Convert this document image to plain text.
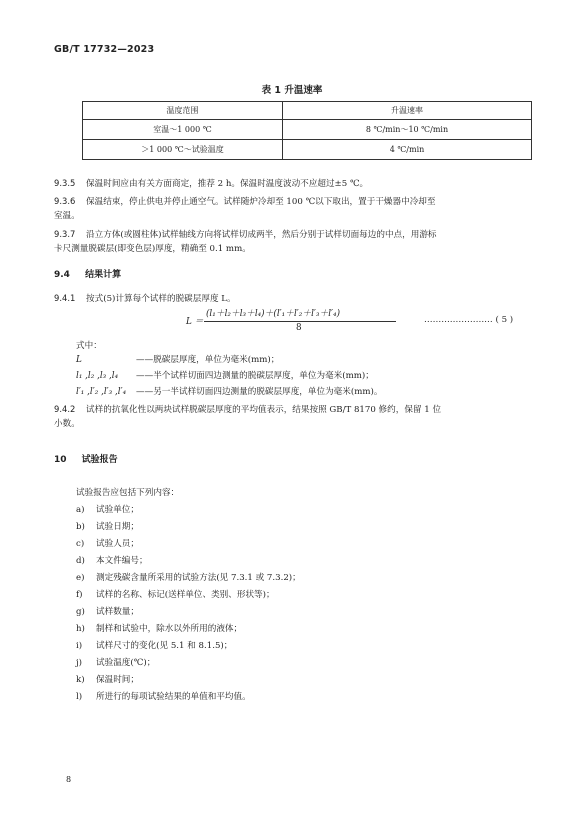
GB/T 17732—2023
表 1 升温速率
温度范围	升温速率
室温～1 000 ℃	8 ℃/min～10 ℃/min
＞1 000 ℃～试验温度	4 ℃/min
9.3.5 保温时间应由有关方面商定，推荐 2 h。保温时温度波动不应超过±5 ℃。
9.3.6 保温结束，停止供电并停止通空气。试样随炉冷却至 100 ℃以下取出，置于干燥器中冷却至
室温。
9.3.7 沿立方体(或圆柱体)试样轴线方向将试样切成两半，然后分别于试样切面每边的中点，用游标
卡尺测量脱碳层(即变色层)厚度，精确至 0.1 mm。
9.4 结果计算
9.4.1 按式(5)计算每个试样的脱碳层厚度 L。
L ＝
(l₁＋l₂＋l₃＋l₄)＋(l′₁＋l′₂＋l′₃＋l′₄)
8
…………………… ( 5 )
式中：
L	——脱碳层厚度，单位为毫米(mm)；
l₁ ,l₂ ,l₃ ,l₄ ——半个试样切面四边测量的脱碳层厚度，单位为毫米(mm)；
l′₁ ,l′₂ ,l′₃ ,l′₄ ——另一半试样切面四边测量的脱碳层厚度，单位为毫米(mm)。
9.4.2 试样的抗氧化性以两块试样脱碳层厚度的平均值表示，结果按照 GB/T 8170 修约，保留 1 位
小数。
10 试验报告
试验报告应包括下列内容：
a) 试验单位；
b) 试验日期；
c) 试验人员；
d) 本文件编号；
e) 测定残碳含量所采用的试验方法(见 7.3.1 或 7.3.2)；
f) 试样的名称、标记(送样单位、类别、形状等)；
g) 试样数量；
h) 制样和试验中，除水以外所用的液体；
i) 试样尺寸的变化(见 5.1 和 8.1.5)；
j) 试验温度(℃)；
k) 保温时间；
l) 所进行的每项试验结果的单值和平均值。
8
